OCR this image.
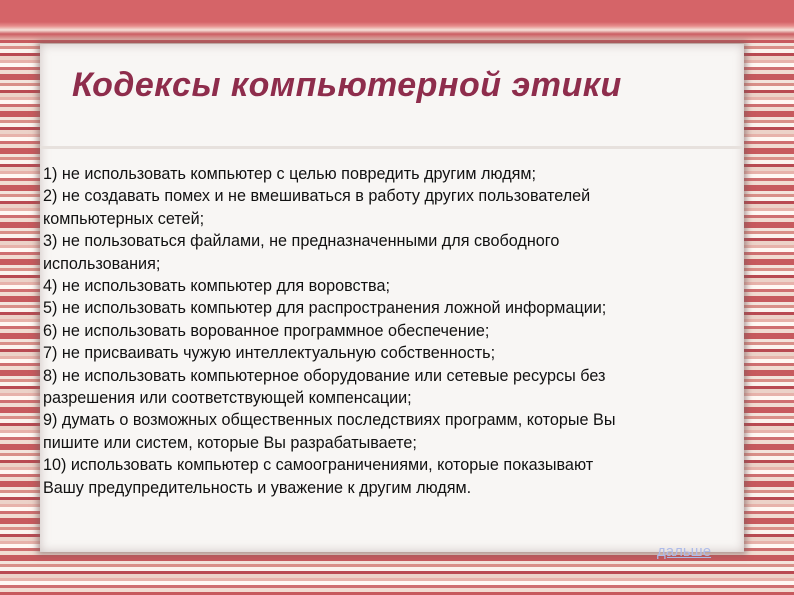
Кодексы компьютерной этики
1) не использовать компьютер с целью повредить другим людям;
2) не создавать помех и не вмешиваться в работу других пользователей
компьютерных сетей;
3) не пользоваться файлами, не предназначенными для свободного
использования;
4) не использовать компьютер для воровства;
5) не использовать компьютер для распространения ложной информации;
6) не использовать ворованное программное обеспечение;
7) не присваивать чужую интеллектуальную собственность;
8) не использовать компьютерное оборудование или сетевые ресурсы без
разрешения или соответствующей компенсации;
9) думать о возможных общественных последствиях программ, которые Вы
пишите или систем, которые Вы разрабатываете;
10) использовать компьютер с самоограничениями, которые показывают
Вашу предупредительность и уважение к другим людям.
дальше
